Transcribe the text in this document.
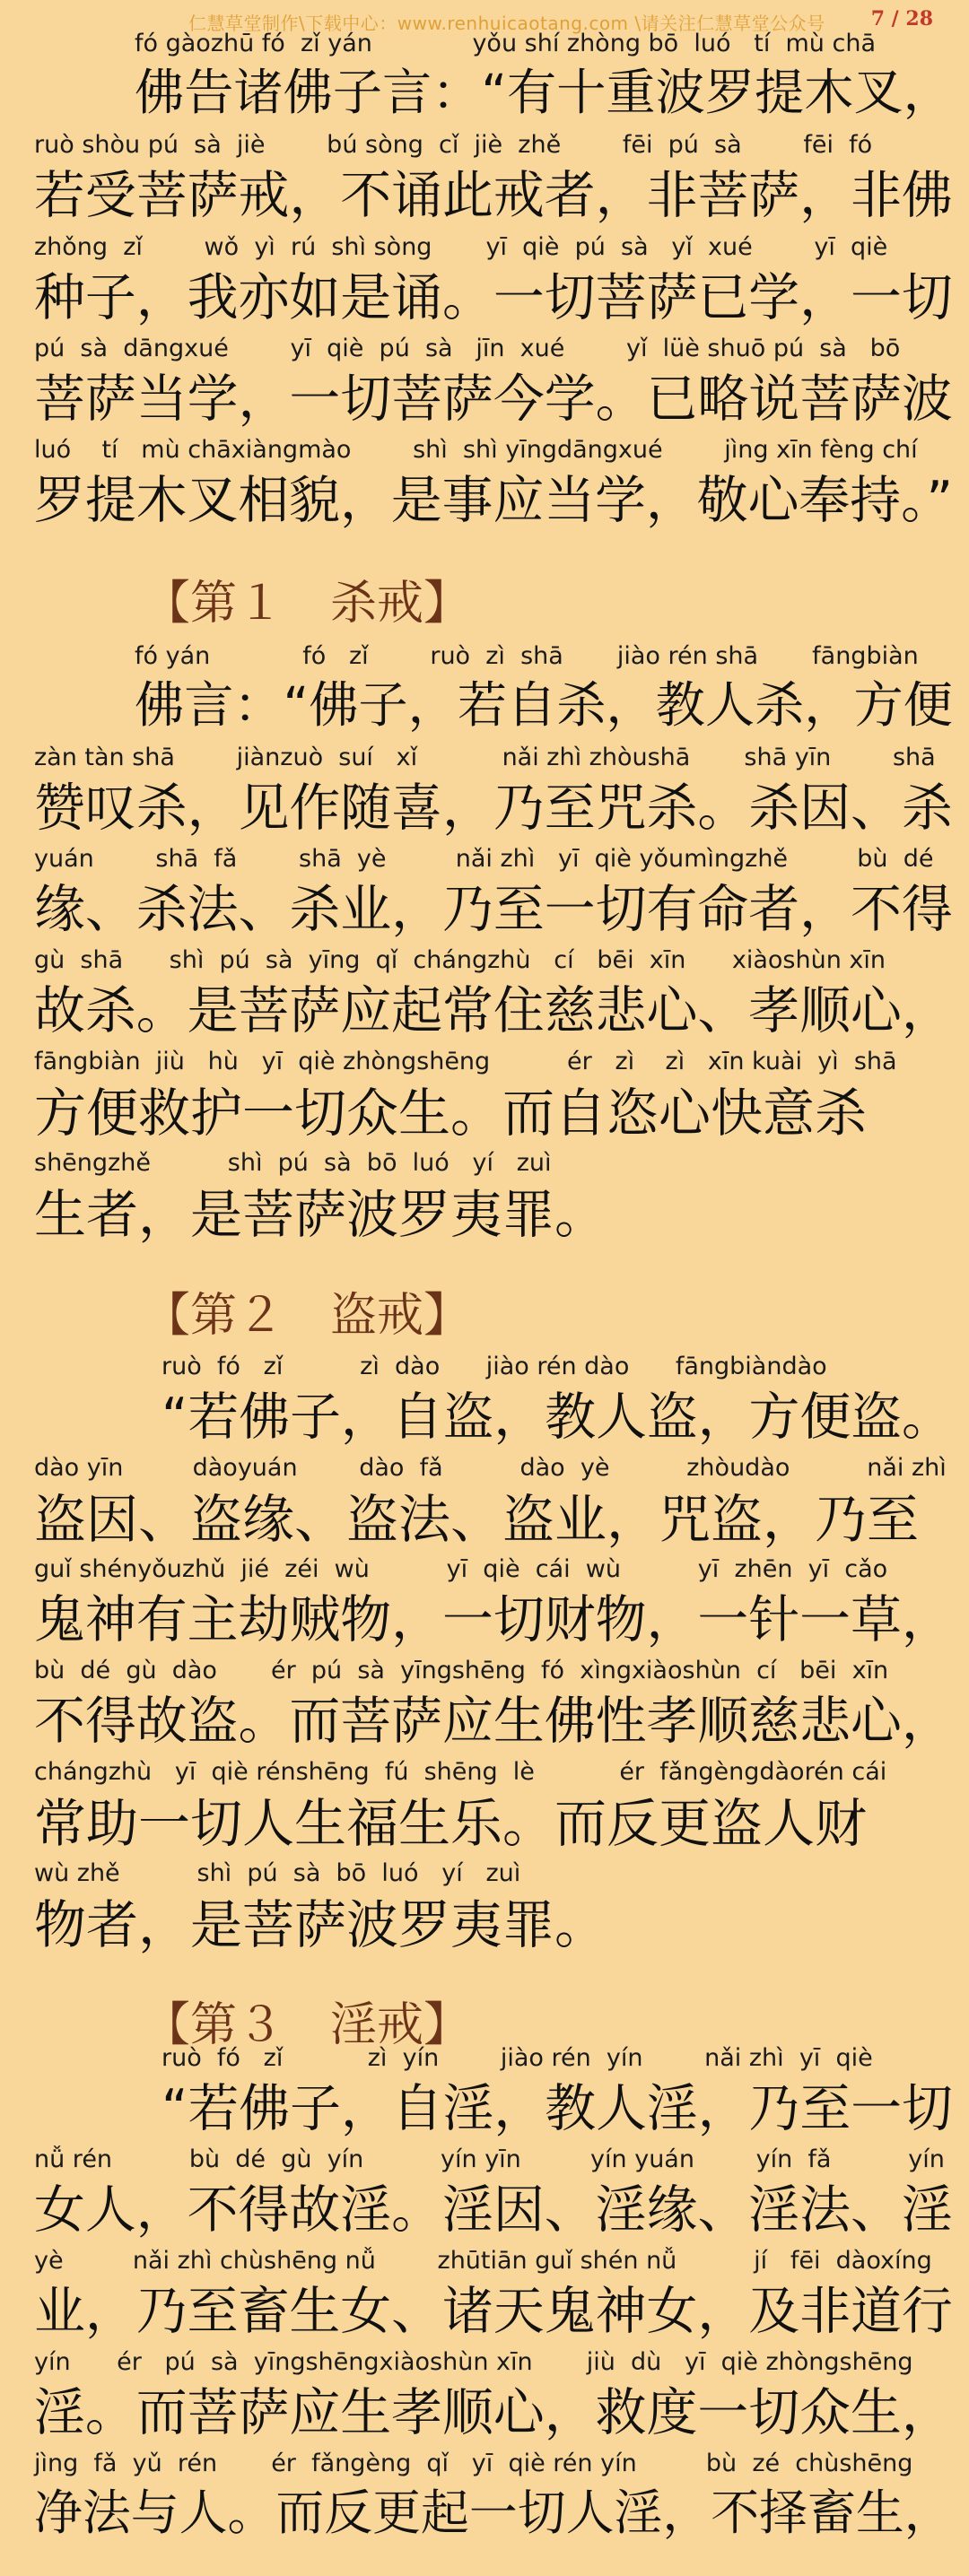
仁慧草堂制作\下载中心：www.renhuicaotang.com \请关注仁慧草堂公众号 7 / 28
fó gàozhū fó  zǐ yán             yǒu shí zhòng bō  luó   tí  mù chā
佛告诸佛子言：“有十重波罗提木叉，
ruò shòu pú  sà  jiè        bú sòng  cǐ  jiè  zhě        fēi  pú  sà        fēi  fó
若受菩萨戒，不诵此戒者，非菩萨，非佛
zhǒng  zǐ        wǒ  yì  rú  shì sòng       yī  qiè  pú  sà   yǐ  xué        yī  qiè
种子，我亦如是诵。一切菩萨已学，一切
pú  sà  dāngxué        yī  qiè  pú  sà   jīn  xué        yǐ  lüè shuō pú  sà   bō
菩萨当学，一切菩萨今学。已略说菩萨波
luó    tí   mù chāxiàngmào        shì  shì yīngdāngxué        jìng xīn fèng chí
罗提木叉相貌，是事应当学，敬心奉持。”
【第１　杀戒】
fó yán            fó   zǐ        ruò  zì  shā       jiào rén shā       fāngbiàn
佛言：“佛子，若自杀，教人杀，方便
zàn tàn shā        jiànzuò  suí   xǐ           nǎi zhì zhòushā       shā yīn        shā
赞叹杀，见作随喜，乃至咒杀。杀因、杀
yuán        shā  fǎ        shā  yè         nǎi zhì   yī  qiè yǒumìngzhě         bù  dé
缘、杀法、杀业，乃至一切有命者，不得
gù  shā      shì  pú  sà  yīng  qǐ  chángzhù   cí   bēi  xīn      xiàoshùn xīn
故杀。是菩萨应起常住慈悲心、孝顺心，
fāngbiàn  jiù   hù   yī  qiè zhòngshēng          ér   zì    zì   xīn kuài  yì  shā
方便救护一切众生。而自恣心快意杀
shēngzhě          shì  pú  sà  bō  luó   yí   zuì
生者，是菩萨波罗夷罪。
【第２　盗戒】
ruò  fó   zǐ          zì  dào      jiào rén dào      fāngbiàndào
“若佛子，自盗，教人盗，方便盗。
dào yīn         dàoyuán        dào  fǎ          dào  yè          zhòudào          nǎi zhì
盗因、盗缘、盗法、盗业，咒盗，乃至
guǐ shényǒuzhǔ  jié  zéi  wù          yī  qiè  cái  wù          yī  zhēn  yī  cǎo
鬼神有主劫贼物，一切财物，一针一草，
bù  dé  gù  dào       ér  pú  sà  yīngshēng  fó  xìngxiàoshùn  cí   bēi  xīn
不得故盗。而菩萨应生佛性孝顺慈悲心，
chángzhù   yī  qiè rénshēng  fú  shēng  lè           ér  fǎngèngdàorén cái
常助一切人生福生乐。而反更盗人财
wù zhě          shì  pú  sà  bō  luó   yí   zuì
物者，是菩萨波罗夷罪。
【第３　淫戒】
ruò  fó   zǐ           zì  yín        jiào rén  yín        nǎi zhì  yī  qiè
“若佛子，自淫，教人淫，乃至一切
nǚ rén          bù  dé  gù  yín          yín yīn         yín yuán        yín  fǎ          yín
女人，不得故淫。淫因、淫缘、淫法、淫
yè         nǎi zhì chùshēng nǚ        zhūtiān guǐ shén nǚ          jí   fēi  dàoxíng
业，乃至畜生女、诸天鬼神女，及非道行
yín      ér   pú  sà  yīngshēngxiàoshùn xīn       jiù  dù   yī  qiè zhòngshēng
淫。而菩萨应生孝顺心，救度一切众生，
jìng  fǎ  yǔ  rén       ér  fǎngèng  qǐ   yī  qiè rén yín         bù  zé  chùshēng
净法与人。而反更起一切人淫，不择畜生，
